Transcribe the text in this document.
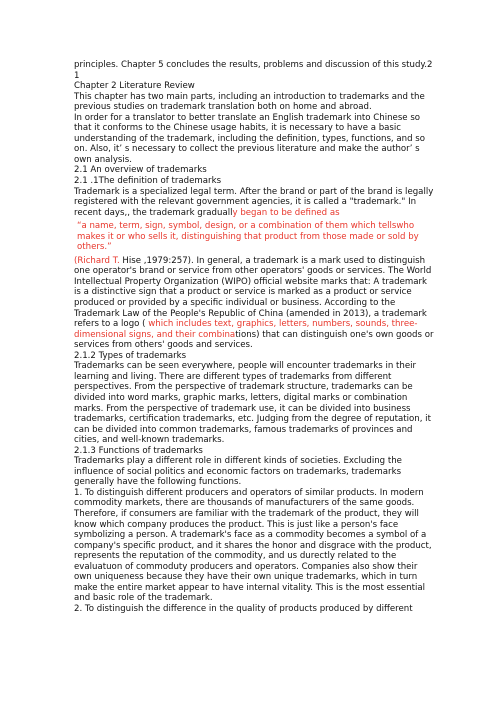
principles. Chapter 5 concludes the results, problems and discussion of this study.2

1

Chapter 2 Literature Review

This chapter has two main parts, including an introduction to trademarks and the previous studies on trademark translation both on home and abroad.

In order for a translator to better translate an English trademark into Chinese so that it conforms to the Chinese usage habits, it is necessary to have a basic understanding of the trademark, including the definition, types, functions, and so on. Also, it’ s necessary to collect the previous literature and make the author’ s own analysis.

2.1 An overview of trademarks

2.1 .1The definition of trademarks

Trademark is a specialized legal term. After the brand or part of the brand is legally registered with the relevant government agencies, it is called a "trademark." In recent days,, the trademark gradually began to be defined as

“a name, term, sign, symbol, design, or a combination of them which tellswho makes it or who sells it, distinguishing that product from those made or sold by others.”

(Richard T. Hise ,1979:257). In general, a trademark is a mark used to distinguish one operator's brand or service from other operators' goods or services. The World Intellectual Property Organization (WIPO) official website marks that: A trademark is a distinctive sign that a product or service is marked as a product or service produced or provided by a specific individual or business. According to the Trademark Law of the People's Republic of China (amended in 2013), a trademark refers to a logo ( which includes text, graphics, letters, numbers, sounds, three-dimensional signs, and their combinations) that can distinguish one's own goods or services from others' goods and services.

2.1.2 Types of trademarks

Trademarks can be seen everywhere, people will encounter trademarks in their learning and living. There are different types of trademarks from different perspectives. From the perspective of trademark structure, trademarks can be divided into word marks, graphic marks, letters, digital marks or combination marks. From the perspective of trademark use, it can be divided into business trademarks, certification trademarks, etc. Judging from the degree of reputation, it can be divided into common trademarks, famous trademarks of provinces and cities, and well-known trademarks.

2.1.3 Functions of trademarks

Trademarks play a different role in different kinds of societies. Excluding the influence of social politics and economic factors on trademarks, trademarks generally have the following functions.

1. To distinguish different producers and operators of similar products. In modern commodity markets, there are thousands of manufacturers of the same goods. Therefore, if consumers are familiar with the trademark of the product, they will know which company produces the product. This is just like a person's face symbolizing a person. A trademark's face as a commodity becomes a symbol of a company's specific product, and it shares the honor and disgrace with the product, represents the reputation of the commodity, and us durectly related to the evaluatuon of commoduty producers and operators. Companies also show their own uniqueness because they have their own unique trademarks, which in turn make the entire market appear to have internal vitality. This is the most essential and basic role of the trademark.

2. To distinguish the difference in the quality of products produced by different
